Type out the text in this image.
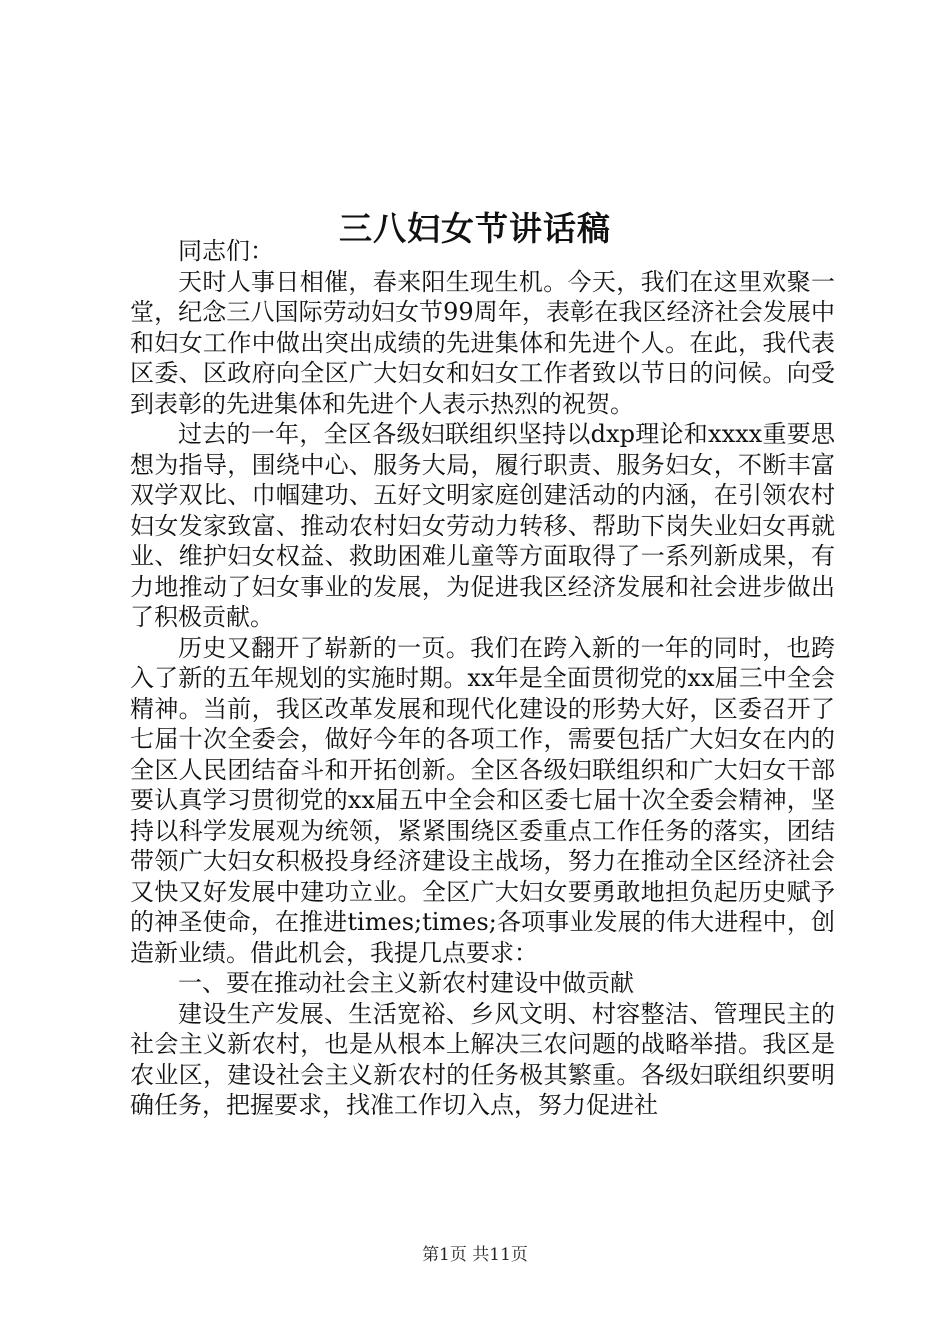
三八妇女节讲话稿

同志们：

天时人事日相催，春来阳生现生机。今天，我们在这里欢聚一堂，纪念三八国际劳动妇女节99周年，表彰在我区经济社会发展中和妇女工作中做出突出成绩的先进集体和先进个人。在此，我代表区委、区政府向全区广大妇女和妇女工作者致以节日的问候。向受到表彰的先进集体和先进个人表示热烈的祝贺。

过去的一年，全区各级妇联组织坚持以dxp理论和xxxx重要思想为指导，围绕中心、服务大局，履行职责、服务妇女，不断丰富双学双比、巾帼建功、五好文明家庭创建活动的内涵，在引领农村妇女发家致富、推动农村妇女劳动力转移、帮助下岗失业妇女再就业、维护妇女权益、救助困难儿童等方面取得了一系列新成果，有力地推动了妇女事业的发展，为促进我区经济发展和社会进步做出了积极贡献。

历史又翻开了崭新的一页。我们在跨入新的一年的同时，也跨入了新的五年规划的实施时期。xx年是全面贯彻党的xx届三中全会精神。当前，我区改革发展和现代化建设的形势大好，区委召开了七届十次全委会，做好今年的各项工作，需要包括广大妇女在内的全区人民团结奋斗和开拓创新。全区各级妇联组织和广大妇女干部要认真学习贯彻党的xx届五中全会和区委七届十次全委会精神，坚持以科学发展观为统领，紧紧围绕区委重点工作任务的落实，团结带领广大妇女积极投身经济建设主战场，努力在推动全区经济社会又快又好发展中建功立业。全区广大妇女要勇敢地担负起历史赋予的神圣使命，在推进times;times;各项事业发展的伟大进程中，创造新业绩。借此机会，我提几点要求：

一、要在推动社会主义新农村建设中做贡献

建设生产发展、生活宽裕、乡风文明、村容整洁、管理民主的社会主义新农村，也是从根本上解决三农问题的战略举措。我区是农业区，建设社会主义新农村的任务极其繁重。各级妇联组织要明确任务，把握要求，找准工作切入点，努力促进社

第1页 共11页
